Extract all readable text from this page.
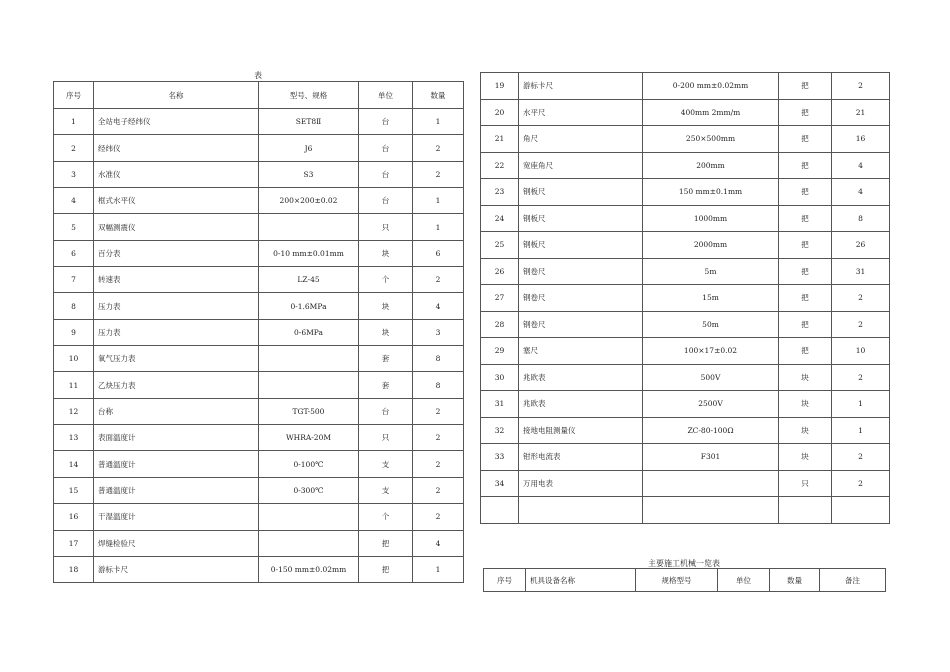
表
序号	名称	型号、规格	单位	数量
1	全站电子经纬仪	SET8Ⅱ	台	1
2	经纬仪	J6	台	2
3	水准仪	S3	台	2
4	框式水平仪	200×200±0.02	台	1
5	双幅测震仪		只	1
6	百分表	0-10 mm±0.01mm	块	6
7	转速表	LZ-45	个	2
8	压力表	0-1.6MPa	块	4
9	压力表	0-6MPa	块	3
10	氧气压力表		套	8
11	乙炔压力表		套	8
12	台称	TGT-500	台	2
13	表面温度计	WHRA-20M	只	2
14	普通温度计	0-100℃	支	2
15	普通温度计	0-300℃	支	2
16	干湿温度计		个	2
17	焊缝检验尺		把	4
18	游标卡尺	0-150 mm±0.02mm	把	1
19	游标卡尺	0-200 mm±0.02mm	把	2
20	水平尺	400mm 2mm/m	把	21
21	角尺	250×500mm	把	16
22	宽座角尺	200mm	把	4
23	钢板尺	150 mm±0.1mm	把	4
24	钢板尺	1000mm	把	8
25	钢板尺	2000mm	把	26
26	钢卷尺	5m	把	31
27	钢卷尺	15m	把	2
28	钢卷尺	50m	把	2
29	塞尺	100×17±0.02	把	10
30	兆欧表	500V	块	2
31	兆欧表	2500V	块	1
32	接地电阻测量仪	ZC-80-100Ω	块	1
33	钳形电流表	F301	块	2
34	万用电表		只	2

主要施工机械一览表
序号	机具设备名称	规格型号	单位	数量	备注
